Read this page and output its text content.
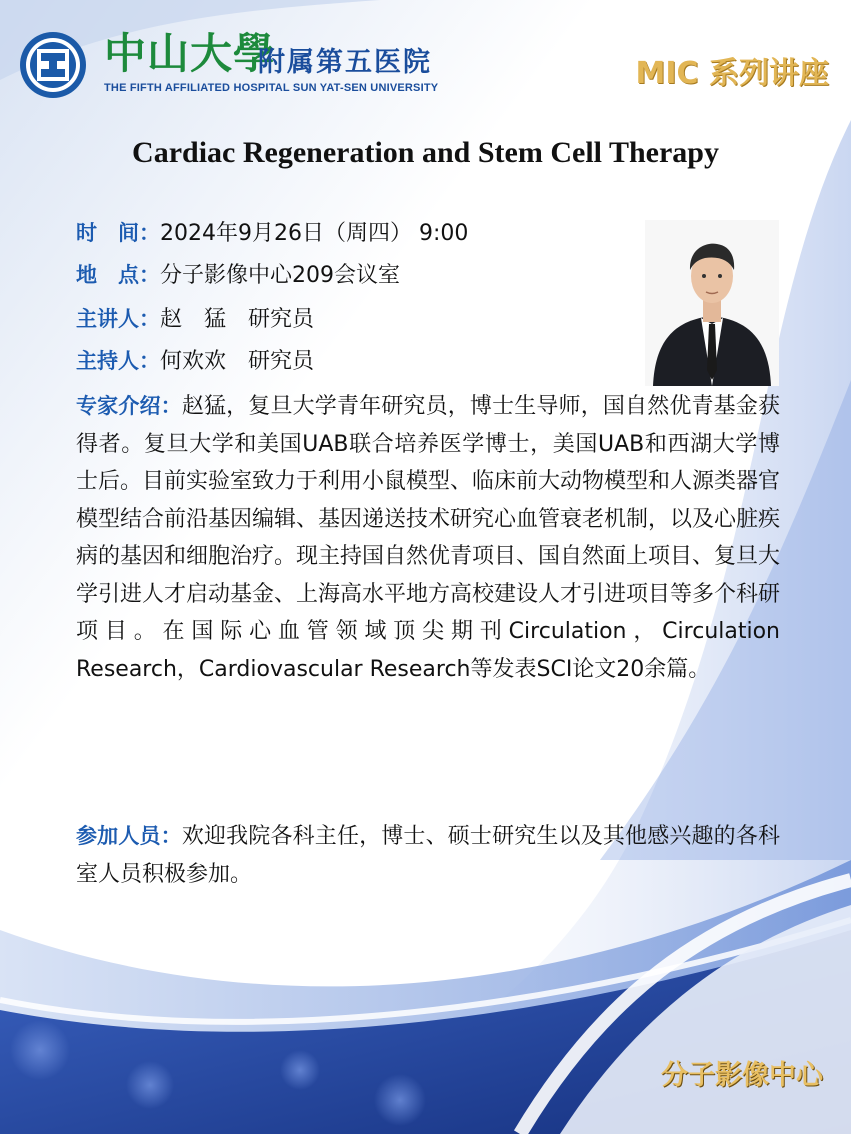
中山大學
附属第五医院
THE FIFTH AFFILIATED HOSPITAL SUN YAT-SEN UNIVERSITY	MIC 系列讲座
Cardiac Regeneration and Stem Cell Therapy
时　间：2024年9月26日（周四） 9:00
地　点：分子影像中心209会议室
主讲人：赵　猛　研究员
主持人：何欢欢　研究员
专家介绍：赵猛，复旦大学青年研究员，博士生导师，国自然优青基金获得者。复旦大学和美国UAB联合培养医学博士，美国UAB和西湖大学博士后。目前实验室致力于利用小鼠模型、临床前大动物模型和人源类器官模型结合前沿基因编辑、基因递送技术研究心血管衰老机制，以及心脏疾病的基因和细胞治疗。现主持国自然优青项目、国自然面上项目、复旦大学引进人才启动基金、上海高水平地方高校建设人才引进项目等多个科研项目。在国际心血管领域顶尖期刊Circulation，Circulation Research，Cardiovascular Research等发表SCI论文20余篇。
参加人员：欢迎我院各科主任，博士、硕士研究生以及其他感兴趣的各科室人员积极参加。
分子影像中心
